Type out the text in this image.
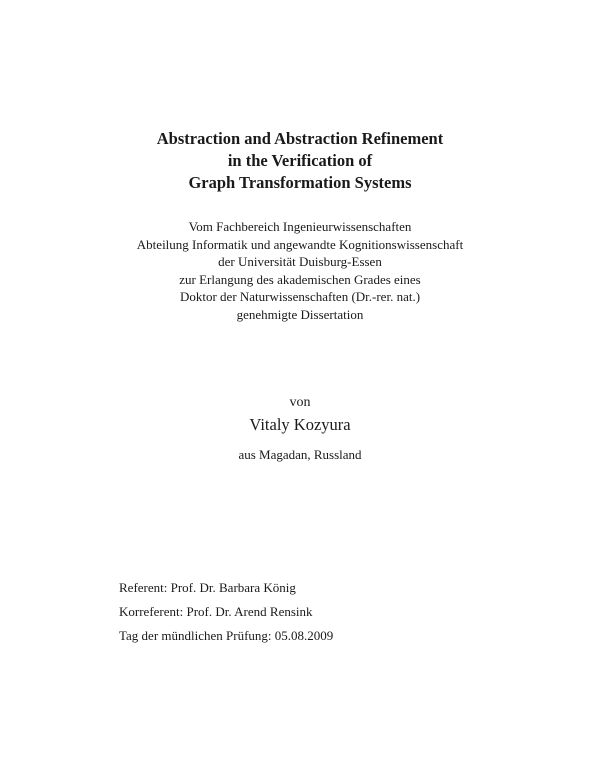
Abstraction and Abstraction Refinement
in the Verification of
Graph Transformation Systems
Vom Fachbereich Ingenieurwissenschaften
Abteilung Informatik und angewandte Kognitionswissenschaft
der Universität Duisburg-Essen
zur Erlangung des akademischen Grades eines
Doktor der Naturwissenschaften (Dr.-rer. nat.)
genehmigte Dissertation
von
Vitaly Kozyura
aus Magadan, Russland
Referent: Prof. Dr. Barbara König
Korreferent: Prof. Dr. Arend Rensink
Tag der mündlichen Prüfung: 05.08.2009
